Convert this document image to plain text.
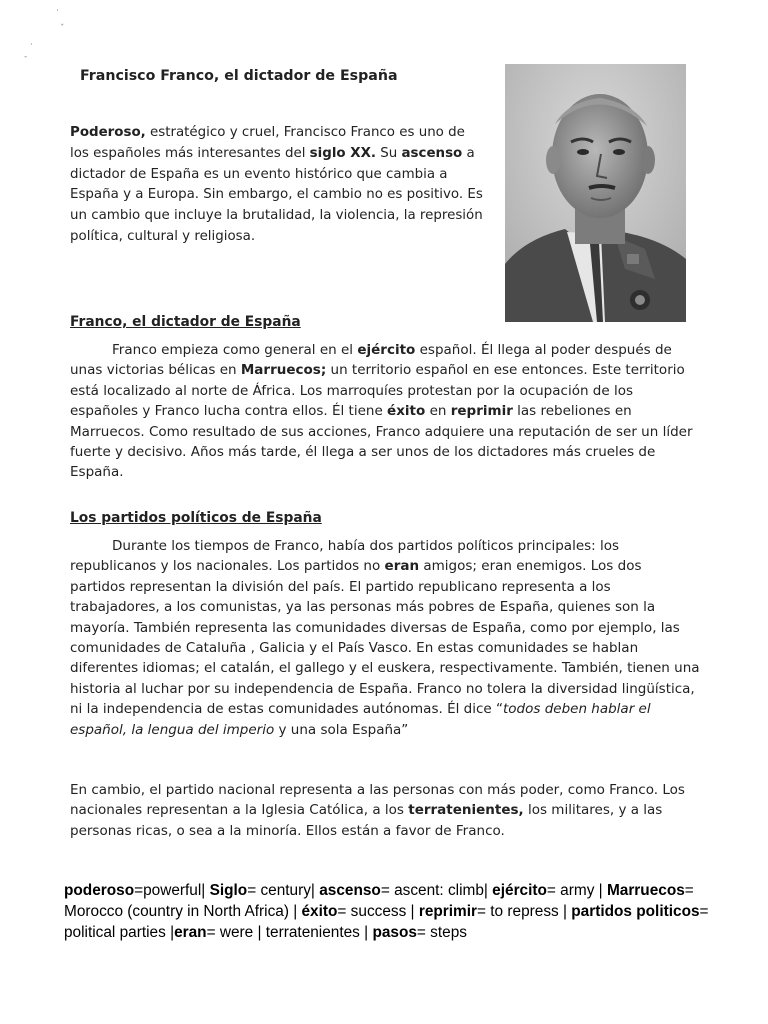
·
ˇ
·
-
Francisco Franco, el dictador de España

Poderoso, estratégico y cruel, Francisco Franco es uno de los españoles más interesantes del siglo XX. Su ascenso a dictador de España es un evento histórico que cambia a España y a Europa. Sin embargo, el cambio no es positivo. Es un cambio que incluye la brutalidad, la violencia, la represión política, cultural y religiosa.

Franco, el dictador de España

Franco empieza como general en el ejército español. Él llega al poder después de unas victorias bélicas en Marruecos; un territorio español en ese entonces. Este territorio está localizado al norte de África. Los marroquíes protestan por la ocupación de los españoles y Franco lucha contra ellos. Él tiene éxito en reprimir las rebeliones en Marruecos. Como resultado de sus acciones, Franco adquiere una reputación de ser un líder fuerte y decisivo. Años más tarde, él llega a ser unos de los dictadores más crueles de España.

Los partidos políticos de España

Durante los tiempos de Franco, había dos partidos políticos principales: los republicanos y los nacionales. Los partidos no eran amigos; eran enemigos. Los dos partidos representan la división del país. El partido republicano representa a los trabajadores, a los comunistas, ya las personas más pobres de España, quienes son la mayoría. También representa las comunidades diversas de España, como por ejemplo, las comunidades de Cataluña , Galicia y el País Vasco. En estas comunidades se hablan diferentes idiomas; el catalán, el gallego y el euskera, respectivamente. También, tienen una historia al luchar por su independencia de España. Franco no tolera la diversidad lingüística, ni la independencia de estas comunidades autónomas. Él dice “todos deben hablar el español, la lengua del imperio y una sola España”

En cambio, el partido nacional representa a las personas con más poder, como Franco. Los nacionales representan a la Iglesia Católica, a los terratenientes, los militares, y a las personas ricas, o sea a la minoría. Ellos están a favor de Franco.

poderoso=powerful| Siglo= century| ascenso= ascent: climb| ejército= army | Marruecos= Morocco (country in North Africa) | éxito= success | reprimir= to repress | partidos politicos= political parties |eran= were | terratenientes | pasos= steps
